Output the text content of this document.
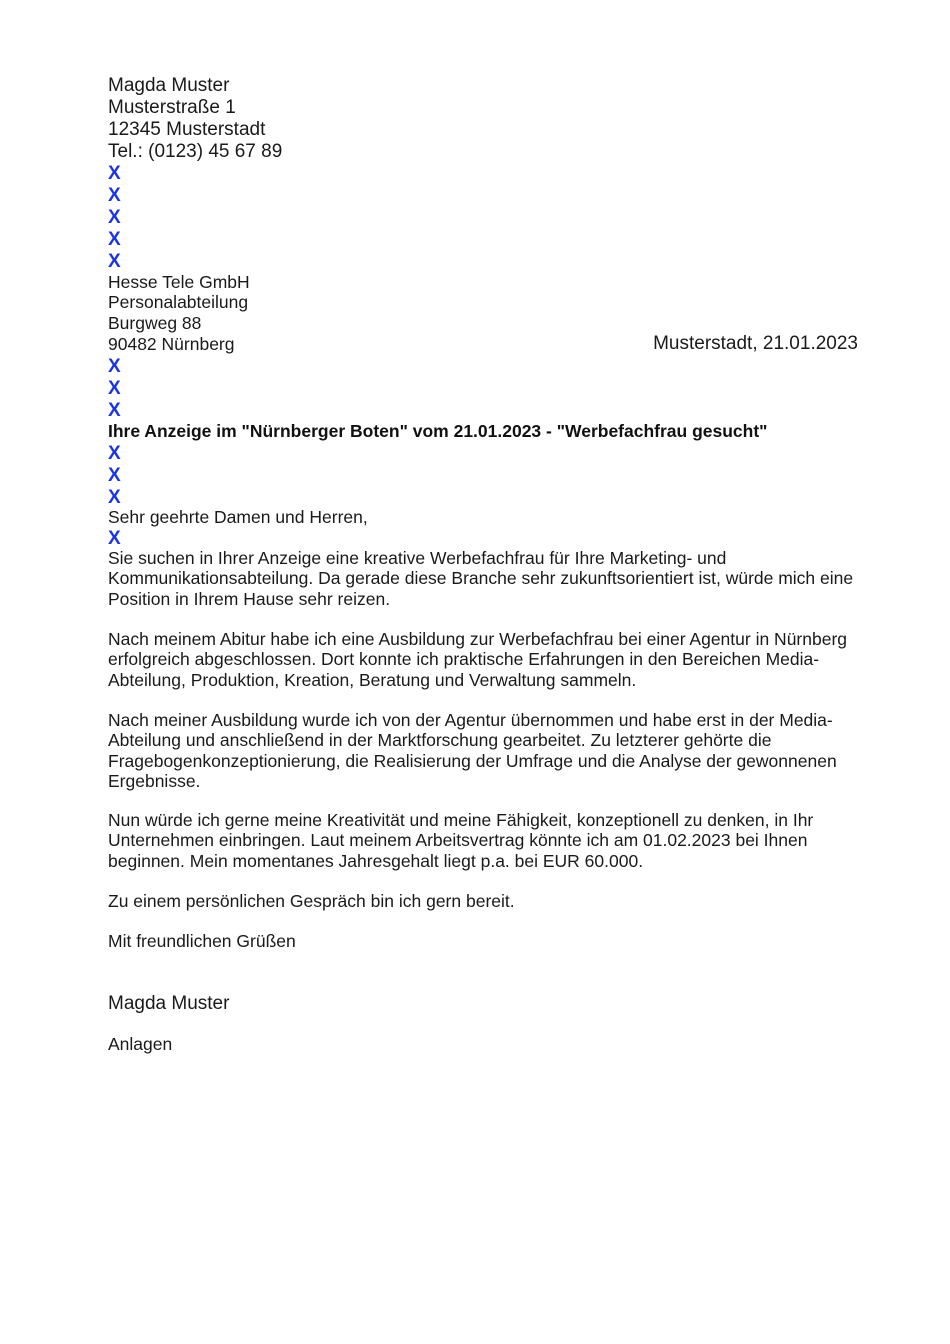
Magda Muster
Musterstraße 1
12345 Musterstadt
Tel.: (0123) 45 67 89
X
X
X
X
X
Hesse Tele GmbH
Personalabteilung
Burgweg 88
90482 Nürnberg	Musterstadt, 21.01.2023
X
X
X
Ihre Anzeige im "Nürnberger Boten" vom 21.01.2023 - "Werbefachfrau gesucht"
X
X
X
Sehr geehrte Damen und Herren,
X
Sie suchen in Ihrer Anzeige eine kreative Werbefachfrau für Ihre Marketing- und Kommunikationsabteilung. Da gerade diese Branche sehr zukunftsorientiert ist, würde mich eine Position in Ihrem Hause sehr reizen.
Nach meinem Abitur habe ich eine Ausbildung zur Werbefachfrau bei einer Agentur in Nürnberg erfolgreich abgeschlossen. Dort konnte ich praktische Erfahrungen in den Bereichen Media-Abteilung, Produktion, Kreation, Beratung und Verwaltung sammeln.
Nach meiner Ausbildung wurde ich von der Agentur übernommen und habe erst in der Media-Abteilung und anschließend in der Marktforschung gearbeitet. Zu letzterer gehörte die Fragebogenkonzeptionierung, die Realisierung der Umfrage und die Analyse der gewonnenen Ergebnisse.
Nun würde ich gerne meine Kreativität und meine Fähigkeit, konzeptionell zu denken, in Ihr Unternehmen einbringen. Laut meinem Arbeitsvertrag könnte ich am 01.02.2023 bei Ihnen beginnen. Mein momentanes Jahresgehalt liegt p.a. bei EUR 60.000.
Zu einem persönlichen Gespräch bin ich gern bereit.
Mit freundlichen Grüßen
Magda Muster
Anlagen
